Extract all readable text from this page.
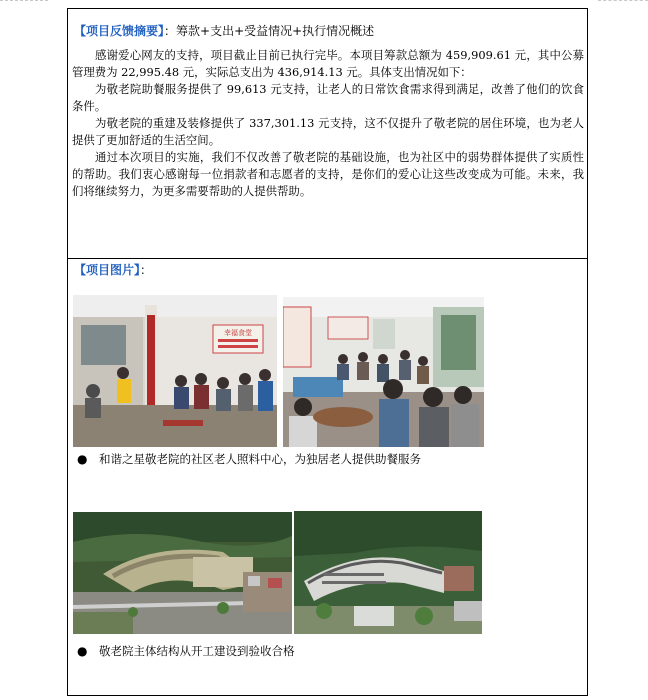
【项目反馈摘要】：筹款+支出+受益情况+执行情况概述

感谢爱心网友的支持，项目截止目前已执行完毕。本项目筹款总额为 459,909.61 元，其中公募管理费为 22,995.48 元，实际总支出为 436,914.13 元。具体支出情况如下：

为敬老院助餐服务提供了 99,613 元支持，让老人的日常饮食需求得到满足，改善了他们的饮食条件。

为敬老院的重建及装修提供了 337,301.13 元支持，这不仅提升了敬老院的居住环境，也为老人提供了更加舒适的生活空间。

通过本次项目的实施，我们不仅改善了敬老院的基础设施，也为社区中的弱势群体提供了实质性的帮助。我们衷心感谢每一位捐款者和志愿者的支持，是你们的爱心让这些改变成为可能。未来，我们将继续努力，为更多需要帮助的人提供帮助。

【项目图片】：
幸福食堂
● 和谐之星敬老院的社区老人照料中心，为独居老人提供助餐服务
● 敬老院主体结构从开工建设到验收合格
